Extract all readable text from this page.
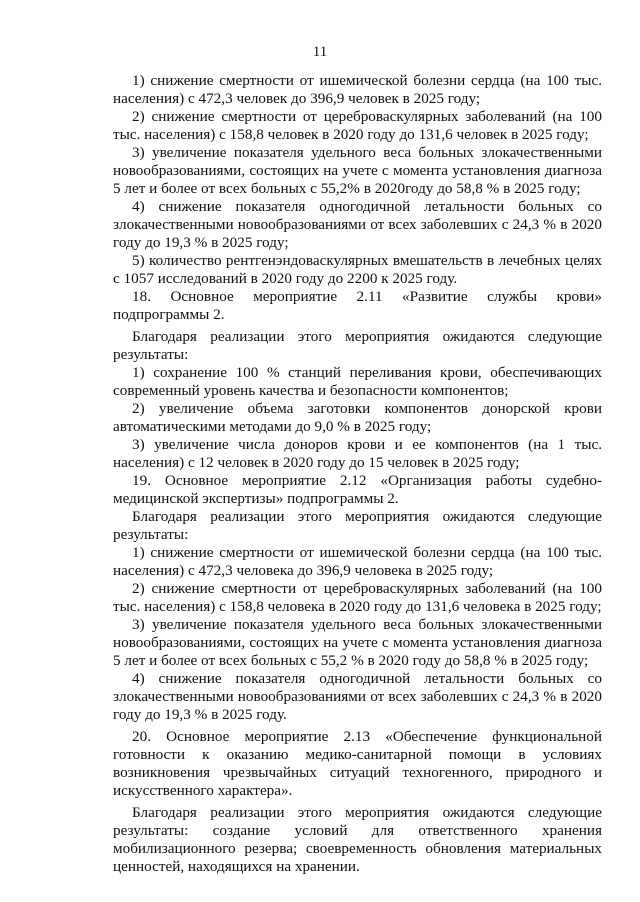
11

1) снижение смертности от ишемической болезни сердца (на 100 тыс. населения) с 472,3 человек до 396,9 человек в 2025 году;

2) снижение смертности от цереброваскулярных заболеваний (на 100 тыс. населения) с 158,8 человек в 2020 году до 131,6 человек в 2025 году;

3) увеличение показателя удельного веса больных злокачественными новообразованиями, состоящих на учете с момента установления диагноза 5 лет и более от всех больных с 55,2% в 2020году до 58,8 % в 2025 году;

4) снижение показателя одногодичной летальности больных со злокачественными новообразованиями от всех заболевших с 24,3 % в 2020 году до 19,3 % в 2025 году;

5) количество рентгенэндоваскулярных вмешательств в лечебных целях с 1057 исследований в 2020 году до 2200 к 2025 году.

18. Основное мероприятие 2.11 «Развитие службы крови» подпрограммы 2.

Благодаря реализации этого мероприятия ожидаются следующие результаты:

1) сохранение 100 % станций переливания крови, обеспечивающих современный уровень качества и безопасности компонентов;

2) увеличение объема заготовки компонентов донорской крови автоматическими методами до 9,0 % в 2025 году;

3) увеличение числа доноров крови и ее компонентов (на 1 тыс. населения) с 12 человек в 2020 году до 15 человек в 2025 году;

19. Основное мероприятие 2.12 «Организация работы судебно-медицинской экспертизы» подпрограммы 2.

Благодаря реализации этого мероприятия ожидаются следующие результаты:

1) снижение смертности от ишемической болезни сердца (на 100 тыс. населения) с 472,3 человека до 396,9 человека в 2025 году;

2) снижение смертности от цереброваскулярных заболеваний (на 100 тыс. населения) с 158,8 человека в 2020 году до 131,6 человека в 2025 году;

3) увеличение показателя удельного веса больных злокачественными новообразованиями, состоящих на учете с момента установления диагноза 5 лет и более от всех больных с 55,2 % в 2020 году до 58,8 % в 2025 году;

4) снижение показателя одногодичной летальности больных со злокачественными новообразованиями от всех заболевших с 24,3 % в 2020 году до 19,3 % в 2025 году.

20. Основное мероприятие 2.13 «Обеспечение функциональной готовности к оказанию медико-санитарной помощи в условиях возникновения чрезвычайных ситуаций техногенного, природного и искусственного характера».

Благодаря реализации этого мероприятия ожидаются следующие результаты: создание условий для ответственного хранения мобилизационного резерва; своевременность обновления материальных ценностей, находящихся на хранении.
